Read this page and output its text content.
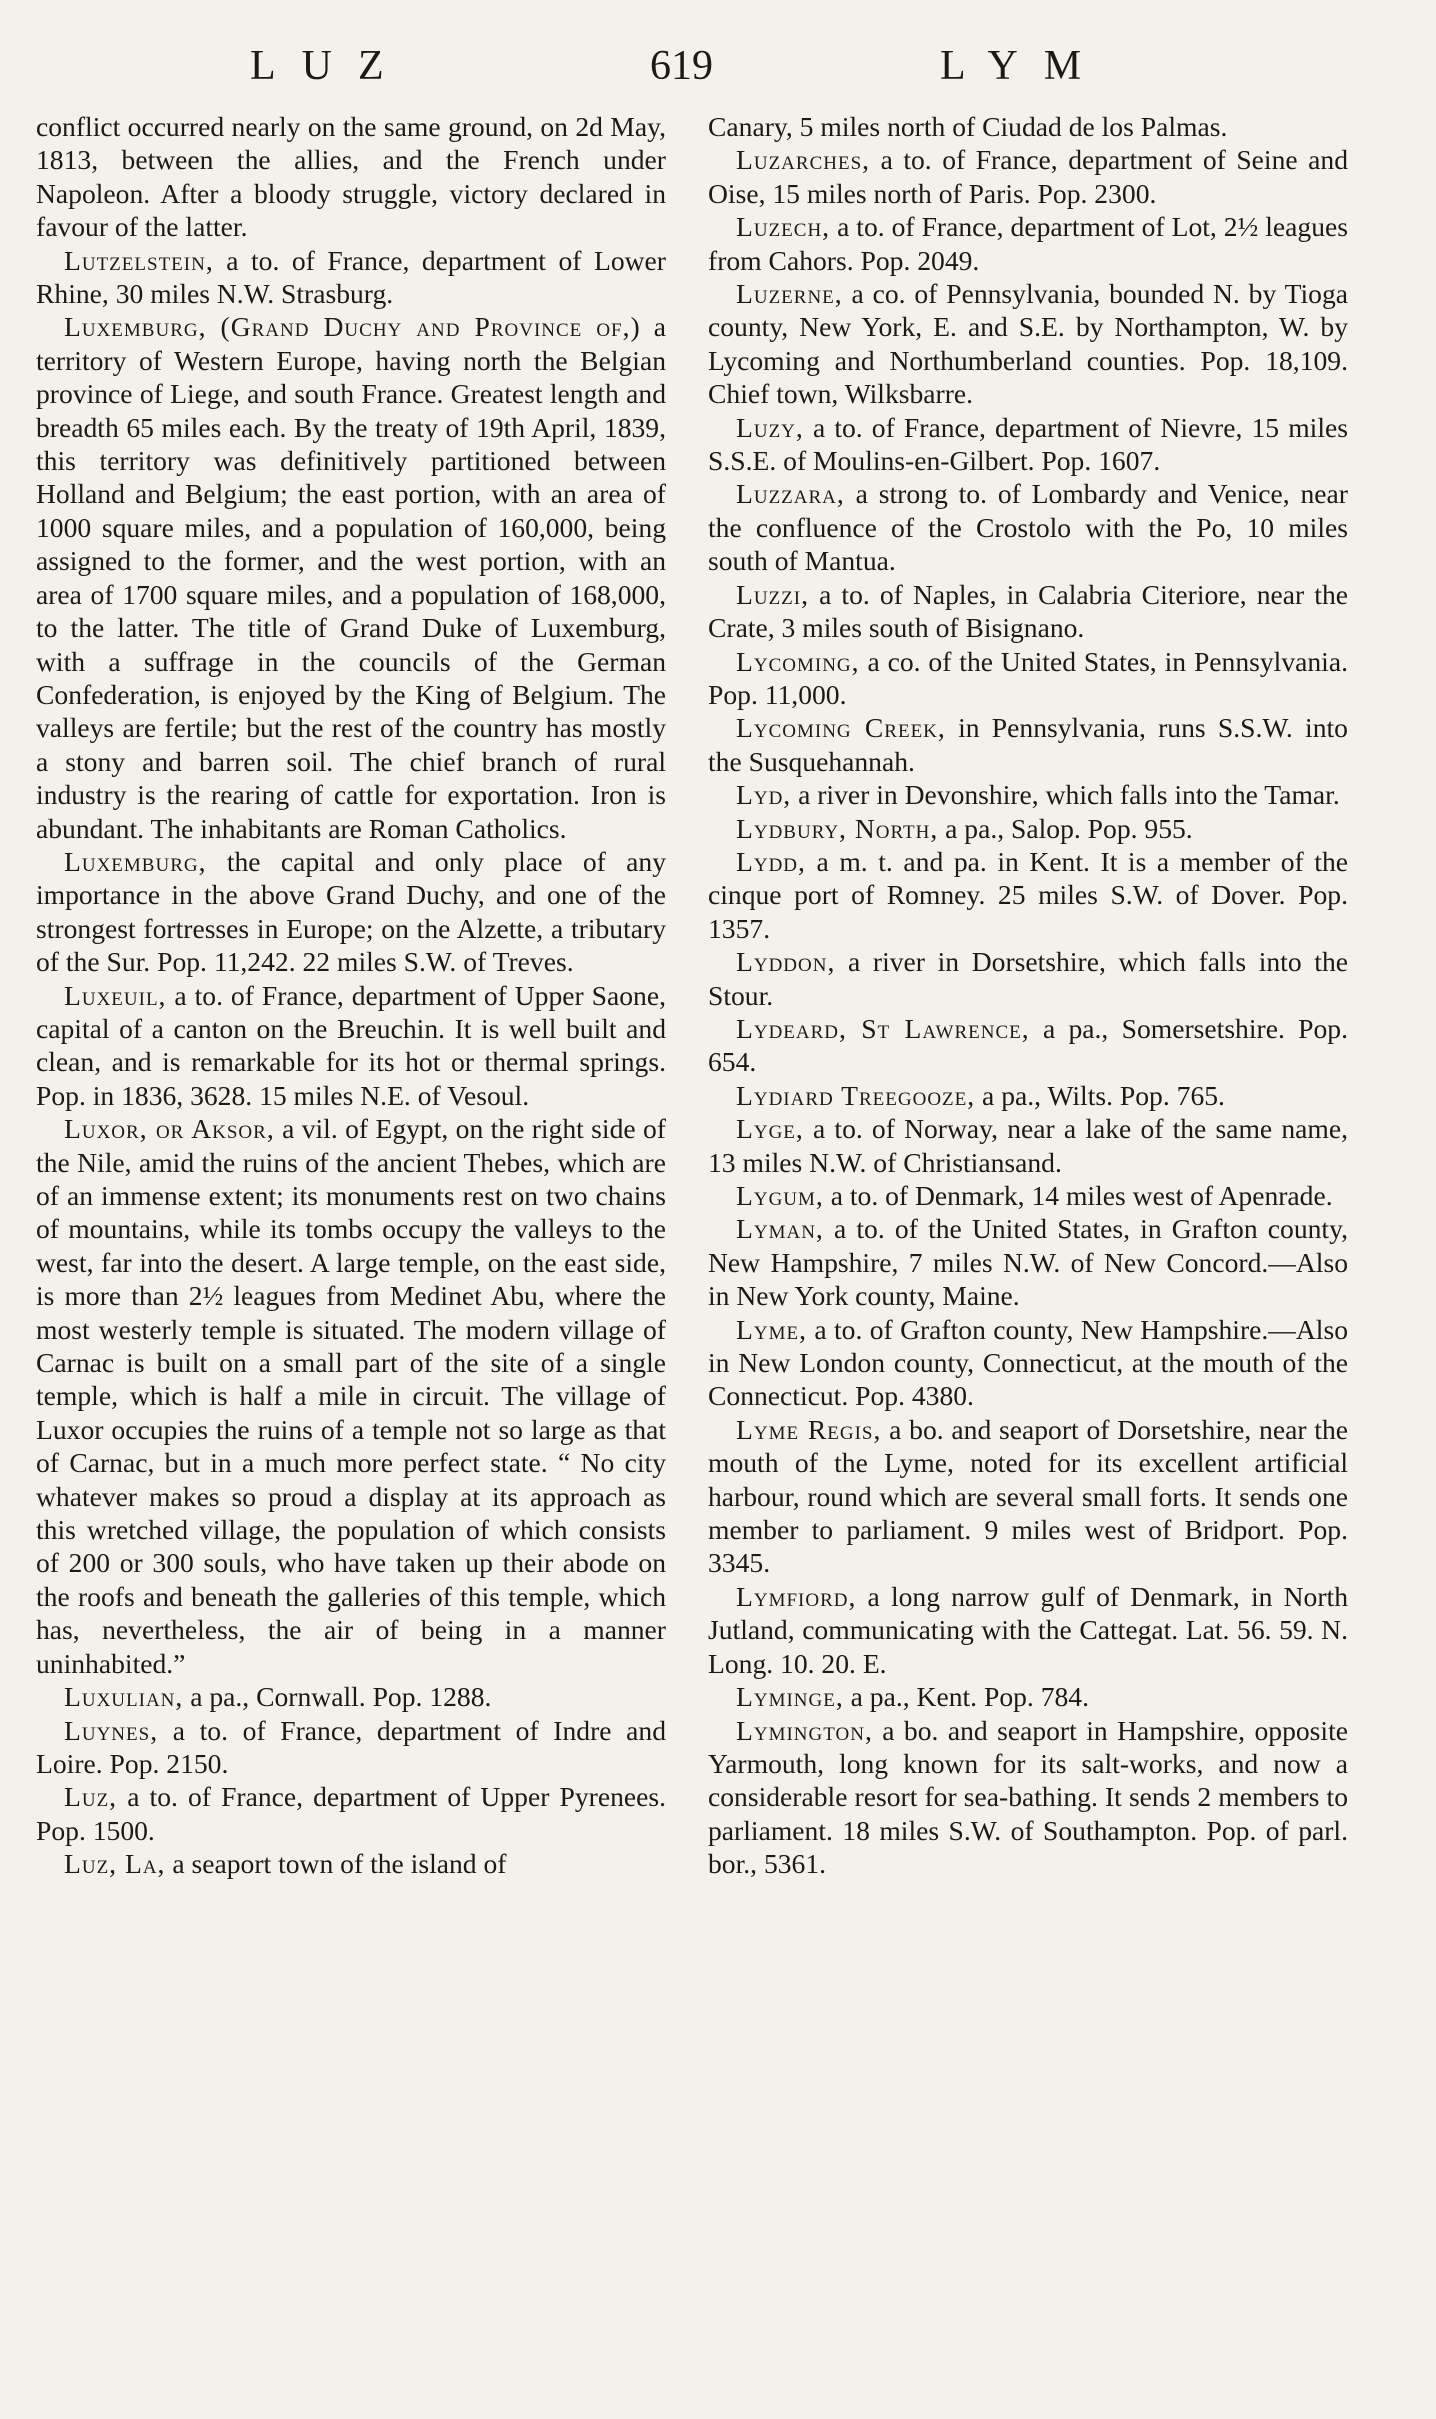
LUZ	619	LYM

conflict occurred nearly on the same ground, on 2d May, 1813, between the allies, and the French under Napoleon. After a bloody struggle, victory declared in favour of the latter.

Lutzelstein, a to. of France, department of Lower Rhine, 30 miles N.W. Strasburg.

Luxemburg, (Grand Duchy and Province of,) a territory of Western Europe, having north the Belgian province of Liege, and south France. Greatest length and breadth 65 miles each. By the treaty of 19th April, 1839, this territory was definitively partitioned between Holland and Belgium; the east portion, with an area of 1000 square miles, and a population of 160,000, being assigned to the former, and the west portion, with an area of 1700 square miles, and a population of 168,000, to the latter. The title of Grand Duke of Luxemburg, with a suffrage in the councils of the German Confederation, is enjoyed by the King of Belgium. The valleys are fertile; but the rest of the country has mostly a stony and barren soil. The chief branch of rural industry is the rearing of cattle for exportation. Iron is abundant. The inhabitants are Roman Catholics.

Luxemburg, the capital and only place of any importance in the above Grand Duchy, and one of the strongest fortresses in Europe; on the Alzette, a tributary of the Sur. Pop. 11,242. 22 miles S.W. of Treves.

Luxeuil, a to. of France, department of Upper Saone, capital of a canton on the Breuchin. It is well built and clean, and is remarkable for its hot or thermal springs. Pop. in 1836, 3628. 15 miles N.E. of Vesoul.

Luxor, or Aksor, a vil. of Egypt, on the right side of the Nile, amid the ruins of the ancient Thebes, which are of an immense extent; its monuments rest on two chains of mountains, while its tombs occupy the valleys to the west, far into the desert. A large temple, on the east side, is more than 2½ leagues from Medinet Abu, where the most westerly temple is situated. The modern village of Carnac is built on a small part of the site of a single temple, which is half a mile in circuit. The village of Luxor occupies the ruins of a temple not so large as that of Carnac, but in a much more perfect state. “ No city whatever makes so proud a display at its approach as this wretched village, the population of which consists of 200 or 300 souls, who have taken up their abode on the roofs and beneath the galleries of this temple, which has, nevertheless, the air of being in a manner uninhabited.”

Luxulian, a pa., Cornwall. Pop. 1288.

Luynes, a to. of France, department of Indre and Loire. Pop. 2150.

Luz, a to. of France, department of Upper Pyrenees. Pop. 1500.

Luz, La, a seaport town of the island of

Canary, 5 miles north of Ciudad de los Palmas.

Luzarches, a to. of France, department of Seine and Oise, 15 miles north of Paris. Pop. 2300.

Luzech, a to. of France, department of Lot, 2½ leagues from Cahors. Pop. 2049.

Luzerne, a co. of Pennsylvania, bounded N. by Tioga county, New York, E. and S.E. by Northampton, W. by Lycoming and Northumberland counties. Pop. 18,109. Chief town, Wilksbarre.

Luzy, a to. of France, department of Nievre, 15 miles S.S.E. of Moulins-en-Gilbert. Pop. 1607.

Luzzara, a strong to. of Lombardy and Venice, near the confluence of the Crostolo with the Po, 10 miles south of Mantua.

Luzzi, a to. of Naples, in Calabria Citeriore, near the Crate, 3 miles south of Bisignano.

Lycoming, a co. of the United States, in Pennsylvania. Pop. 11,000.

Lycoming Creek, in Pennsylvania, runs S.S.W. into the Susquehannah.

Lyd, a river in Devonshire, which falls into the Tamar.

Lydbury, North, a pa., Salop. Pop. 955.

Lydd, a m. t. and pa. in Kent. It is a member of the cinque port of Romney. 25 miles S.W. of Dover. Pop. 1357.

Lyddon, a river in Dorsetshire, which falls into the Stour.

Lydeard, St Lawrence, a pa., Somersetshire. Pop. 654.

Lydiard Treegooze, a pa., Wilts. Pop. 765.

Lyge, a to. of Norway, near a lake of the same name, 13 miles N.W. of Christiansand.

Lygum, a to. of Denmark, 14 miles west of Apenrade.

Lyman, a to. of the United States, in Grafton county, New Hampshire, 7 miles N.W. of New Concord.—Also in New York county, Maine.

Lyme, a to. of Grafton county, New Hampshire.—Also in New London county, Connecticut, at the mouth of the Connecticut. Pop. 4380.

Lyme Regis, a bo. and seaport of Dorsetshire, near the mouth of the Lyme, noted for its excellent artificial harbour, round which are several small forts. It sends one member to parliament. 9 miles west of Bridport. Pop. 3345.

Lymfiord, a long narrow gulf of Denmark, in North Jutland, communicating with the Cattegat. Lat. 56. 59. N. Long. 10. 20. E.

Lyminge, a pa., Kent. Pop. 784.

Lymington, a bo. and seaport in Hampshire, opposite Yarmouth, long known for its salt-works, and now a considerable resort for sea-bathing. It sends 2 members to parliament. 18 miles S.W. of Southampton. Pop. of parl. bor., 5361.
